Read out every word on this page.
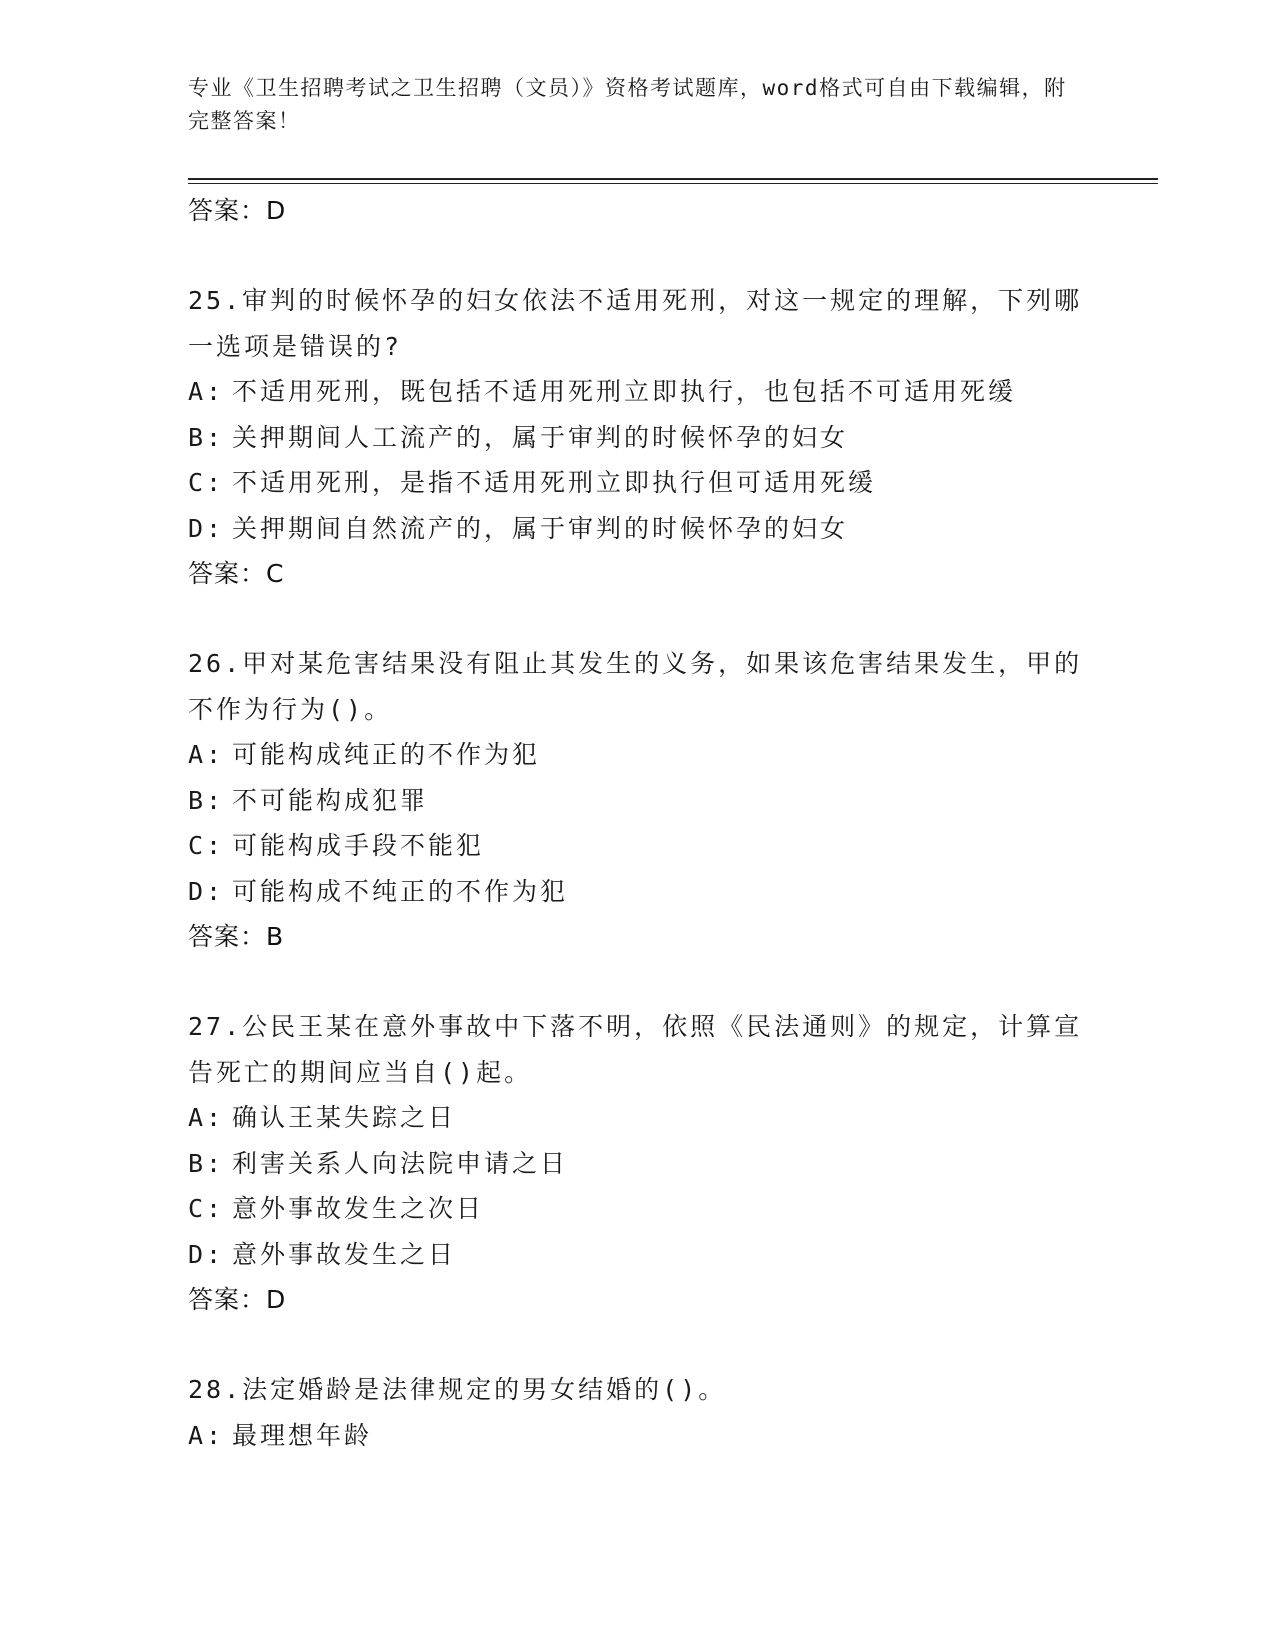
专业《卫生招聘考试之卫生招聘（文员）》资格考试题库，word格式可自由下载编辑，附完整答案！
答案：D
25.审判的时候怀孕的妇女依法不适用死刑，对这一规定的理解，下列哪一选项是错误的?
A: 不适用死刑，既包括不适用死刑立即执行，也包括不可适用死缓
B: 关押期间人工流产的，属于审判的时候怀孕的妇女
C: 不适用死刑，是指不适用死刑立即执行但可适用死缓
D: 关押期间自然流产的，属于审判的时候怀孕的妇女
答案：C
26.甲对某危害结果没有阻止其发生的义务，如果该危害结果发生，甲的不作为行为()。
A: 可能构成纯正的不作为犯
B: 不可能构成犯罪
C: 可能构成手段不能犯
D: 可能构成不纯正的不作为犯
答案：B
27.公民王某在意外事故中下落不明，依照《民法通则》的规定，计算宣告死亡的期间应当自()起。
A: 确认王某失踪之日
B: 利害关系人向法院申请之日
C: 意外事故发生之次日
D: 意外事故发生之日
答案：D
28.法定婚龄是法律规定的男女结婚的()。
A: 最理想年龄
